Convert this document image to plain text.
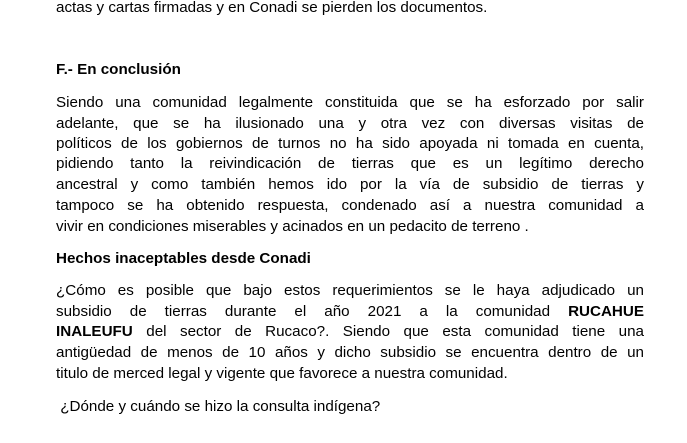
actas y cartas firmadas y en Conadi se pierden los documentos.
F.- En conclusión
Siendo una comunidad legalmente constituida que se ha esforzado por salir
adelante, que se ha ilusionado una y otra vez con diversas visitas de
políticos de los gobiernos de turnos no ha sido apoyada ni tomada en cuenta,
pidiendo tanto la reivindicación de tierras que es un legítimo derecho
ancestral y como también hemos ido por la vía de subsidio de tierras y
tampoco se ha obtenido respuesta, condenado así a nuestra comunidad a
vivir en condiciones miserables y acinados en un pedacito de terreno .
Hechos inaceptables desde Conadi
¿Cómo es posible que bajo estos requerimientos se le haya adjudicado un
subsidio de tierras durante el año 2021 a la comunidad RUCAHUE
INALEUFU del sector de Rucaco?. Siendo que esta comunidad tiene una
antigüedad de menos de 10 años y dicho subsidio se encuentra dentro de un
titulo de merced legal y vigente que favorece a nuestra comunidad.
¿Dónde y cuándo se hizo la consulta indígena?
